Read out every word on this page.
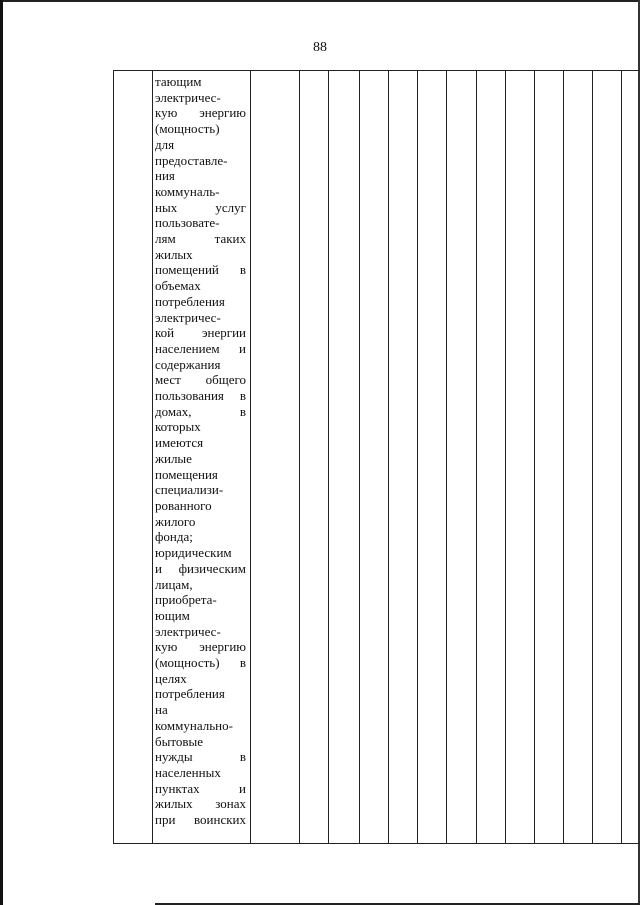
88

тающим
электричес-
кую энергию
(мощность)
для
предоставле-
ния
коммуналь-
ных услуг
пользовате-
лям таких
жилых
помещений в
объемах
потребления
электричес-
кой энергии
населением и
содержания
мест общего
пользования в
домах, в
которых
имеются
жилые
помещения
специализи-
рованного
жилого
фонда;
юридическим
и физическим
лицам,
приобрета-
ющим
электричес-
кую энергию
(мощность) в
целях
потребления
на
коммунально-
бытовые
нужды в
населенных
пунктах и
жилых зонах
при воинских
